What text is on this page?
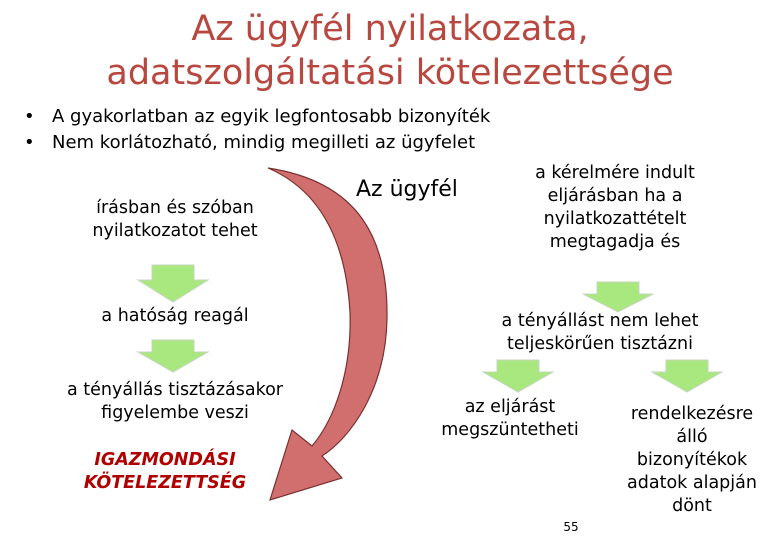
Az ügyfél nyilatkozata,
adatszolgáltatási kötelezettsége
• A gyakorlatban az egyik legfontosabb bizonyíték
• Nem korlátozható, mindig megilleti az ügyfelet
Az ügyfél
írásban és szóban
nyilatkozatot tehet
a hatóság reagál
a tényállás tisztázásakor
figyelembe veszi
IGAZMONDÁSI
KÖTELEZETTSÉG
a kérelmére indult
eljárásban ha a
nyilatkozattételt
megtagadja és
a tényállást nem lehet
teljeskörűen tisztázni
az eljárást
megszüntetheti
rendelkezésre
álló
bizonyítékok
adatok alapján
dönt
55
